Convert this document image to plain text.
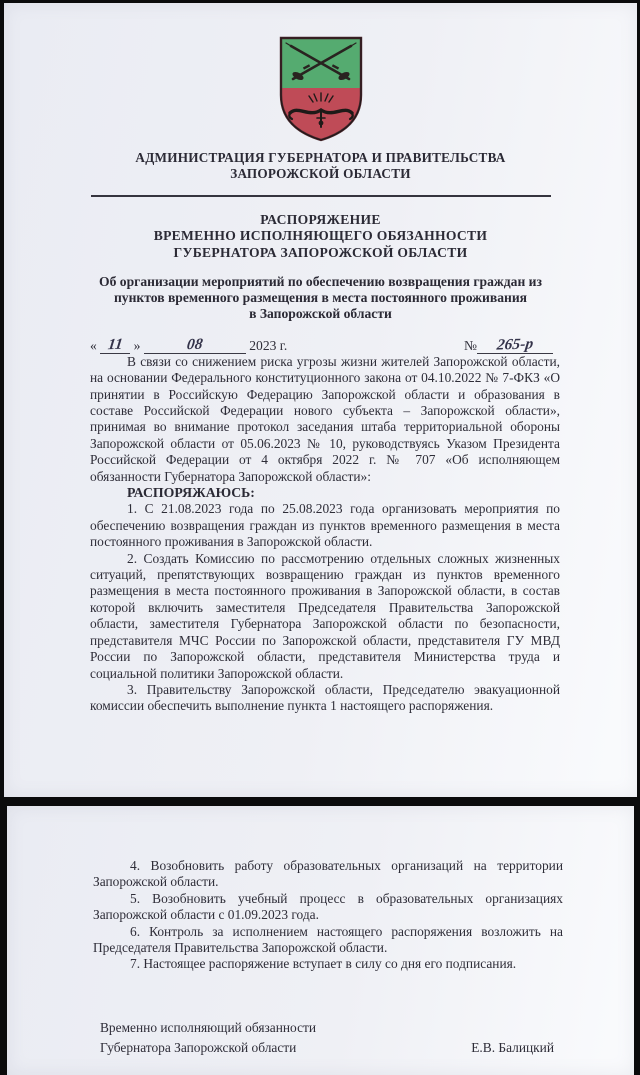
АДМИНИСТРАЦИЯ ГУБЕРНАТОРА И ПРАВИТЕЛЬСТВА
ЗАПОРОЖСКОЙ ОБЛАСТИ
РАСПОРЯЖЕНИЕ
ВРЕМЕННО ИСПОЛНЯЮЩЕГО ОБЯЗАННОСТИ
ГУБЕРНАТОРА ЗАПОРОЖСКОЙ ОБЛАСТИ
Об организации мероприятий по обеспечению возвращения граждан из
пунктов временного размещения в места постоянного проживания
в Запорожской области
« 11 »	08	2023 г.	№ 265-р

В связи со снижением риска угрозы жизни жителей Запорожской области, на основании Федерального конституционного закона от 04.10.2022 № 7-ФКЗ «О принятии в Российскую Федерацию Запорожской области и образования в составе Российской Федерации нового субъекта – Запорожской области», принимая во внимание протокол заседания штаба территориальной обороны Запорожской области от 05.06.2023 № 10, руководствуясь Указом Президента Российской Федерации от 4 октября 2022 г. № 707 «Об исполняющем обязанности Губернатора Запорожской области»:

РАСПОРЯЖАЮСЬ:

1. С 21.08.2023 года по 25.08.2023 года организовать мероприятия по обеспечению возвращения граждан из пунктов временного размещения в места постоянного проживания в Запорожской области.

2. Создать Комиссию по рассмотрению отдельных сложных жизненных ситуаций, препятствующих возвращению граждан из пунктов временного размещения в места постоянного проживания в Запорожской области, в состав которой включить заместителя Председателя Правительства Запорожской области, заместителя Губернатора Запорожской области по безопасности, представителя МЧС России по Запорожской области, представителя ГУ МВД России по Запорожской области, представителя Министерства труда и социальной политики Запорожской области.

3. Правительству Запорожской области, Председателю эвакуационной комиссии обеспечить выполнение пункта 1 настоящего распоряжения.

4. Возобновить работу образовательных организаций на территории Запорожской области.

5. Возобновить учебный процесс в образовательных организациях Запорожской области с 01.09.2023 года.

6. Контроль за исполнением настоящего распоряжения возложить на Председателя Правительства Запорожской области.

7. Настоящее распоряжение вступает в силу со дня его подписания.

Временно исполняющий обязанности
Губернатора Запорожской области	Е.В. Балицкий
